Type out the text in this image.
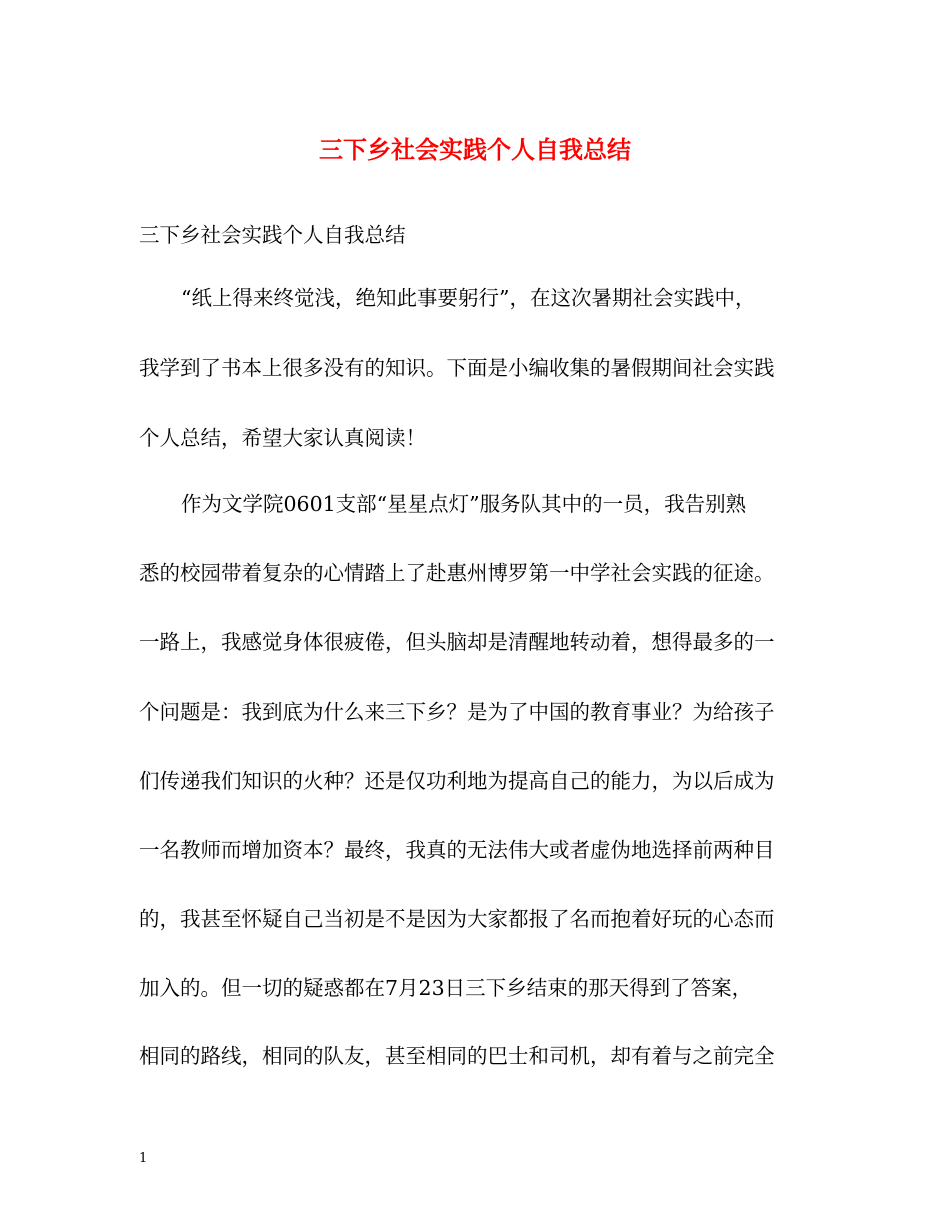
三下乡社会实践个人自我总结

三下乡社会实践个人自我总结

“纸上得来终觉浅，绝知此事要躬行”，在这次暑期社会实践中，

我学到了书本上很多没有的知识。下面是小编收集的暑假期间社会实践

个人总结，希望大家认真阅读！

作为文学院0601支部“星星点灯”服务队其中的一员，我告别熟

悉的校园带着复杂的心情踏上了赴惠州博罗第一中学社会实践的征途。

一路上，我感觉身体很疲倦，但头脑却是清醒地转动着，想得最多的一

个问题是：我到底为什么来三下乡？是为了中国的教育事业？为给孩子

们传递我们知识的火种？还是仅功利地为提高自己的能力，为以后成为

一名教师而增加资本？最终，我真的无法伟大或者虚伪地选择前两种目

的，我甚至怀疑自己当初是不是因为大家都报了名而抱着好玩的心态而

加入的。但一切的疑惑都在7月23日三下乡结束的那天得到了答案，

相同的路线，相同的队友，甚至相同的巴士和司机，却有着与之前完全

1
